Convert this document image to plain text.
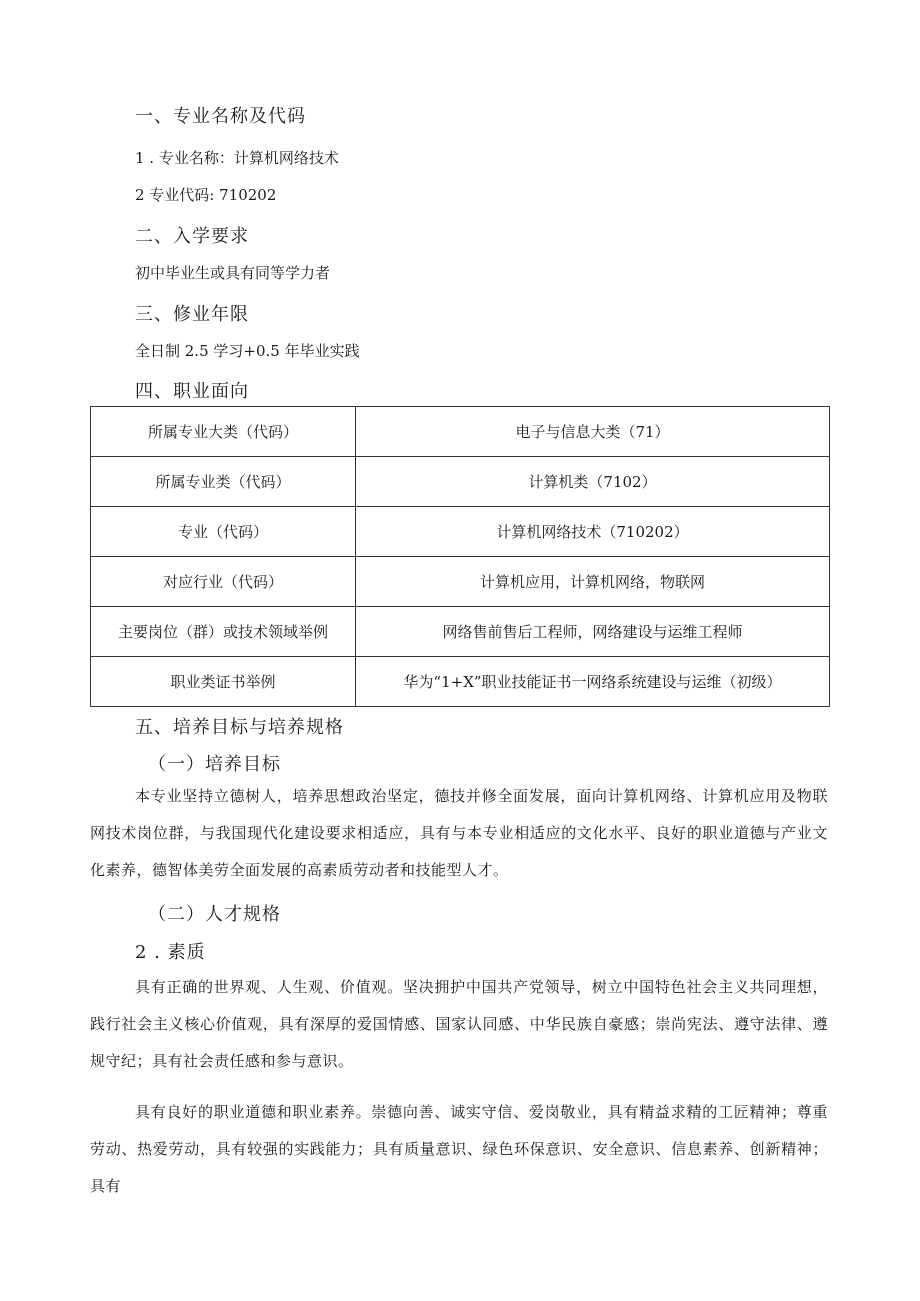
一、专业名称及代码
1 . 专业名称：计算机网络技术
2 专业代码: 710202
二、入学要求
初中毕业生或具有同等学力者
三、修业年限
全日制 2.5 学习+0.5 年毕业实践
四、职业面向
所属专业大类（代码）	电子与信息大类（71）
所属专业类（代码）	计算机类（7102）
专业（代码）	计算机网络技术（710202）
对应行业（代码）	计算机应用，计算机网络，物联网
主要岗位（群）或技术领域举例	网络售前售后工程师，网络建设与运维工程师
职业类证书举例	华为“1+X”职业技能证书一网络系统建设与运维（初级）
五、培养目标与培养规格
（一）培养目标

本专业坚持立德树人，培养思想政治坚定，德技并修全面发展，面向计算机网络、计算机应用及物联网技术岗位群，与我国现代化建设要求相适应，具有与本专业相适应的文化水平、良好的职业道德与产业文化素养，德智体美劳全面发展的高素质劳动者和技能型人才。

（二）人才规格
2 . 素质

具有正确的世界观、人生观、价值观。坚决拥护中国共产党领导，树立中国特色社会主义共同理想，践行社会主义核心价值观，具有深厚的爱国情感、国家认同感、中华民族自豪感；崇尚宪法、遵守法律、遵规守纪；具有社会责任感和参与意识。

具有良好的职业道德和职业素养。崇德向善、诚实守信、爱岗敬业，具有精益求精的工匠精神；尊重劳动、热爱劳动，具有较强的实践能力；具有质量意识、绿色环保意识、安全意识、信息素养、创新精神；具有
